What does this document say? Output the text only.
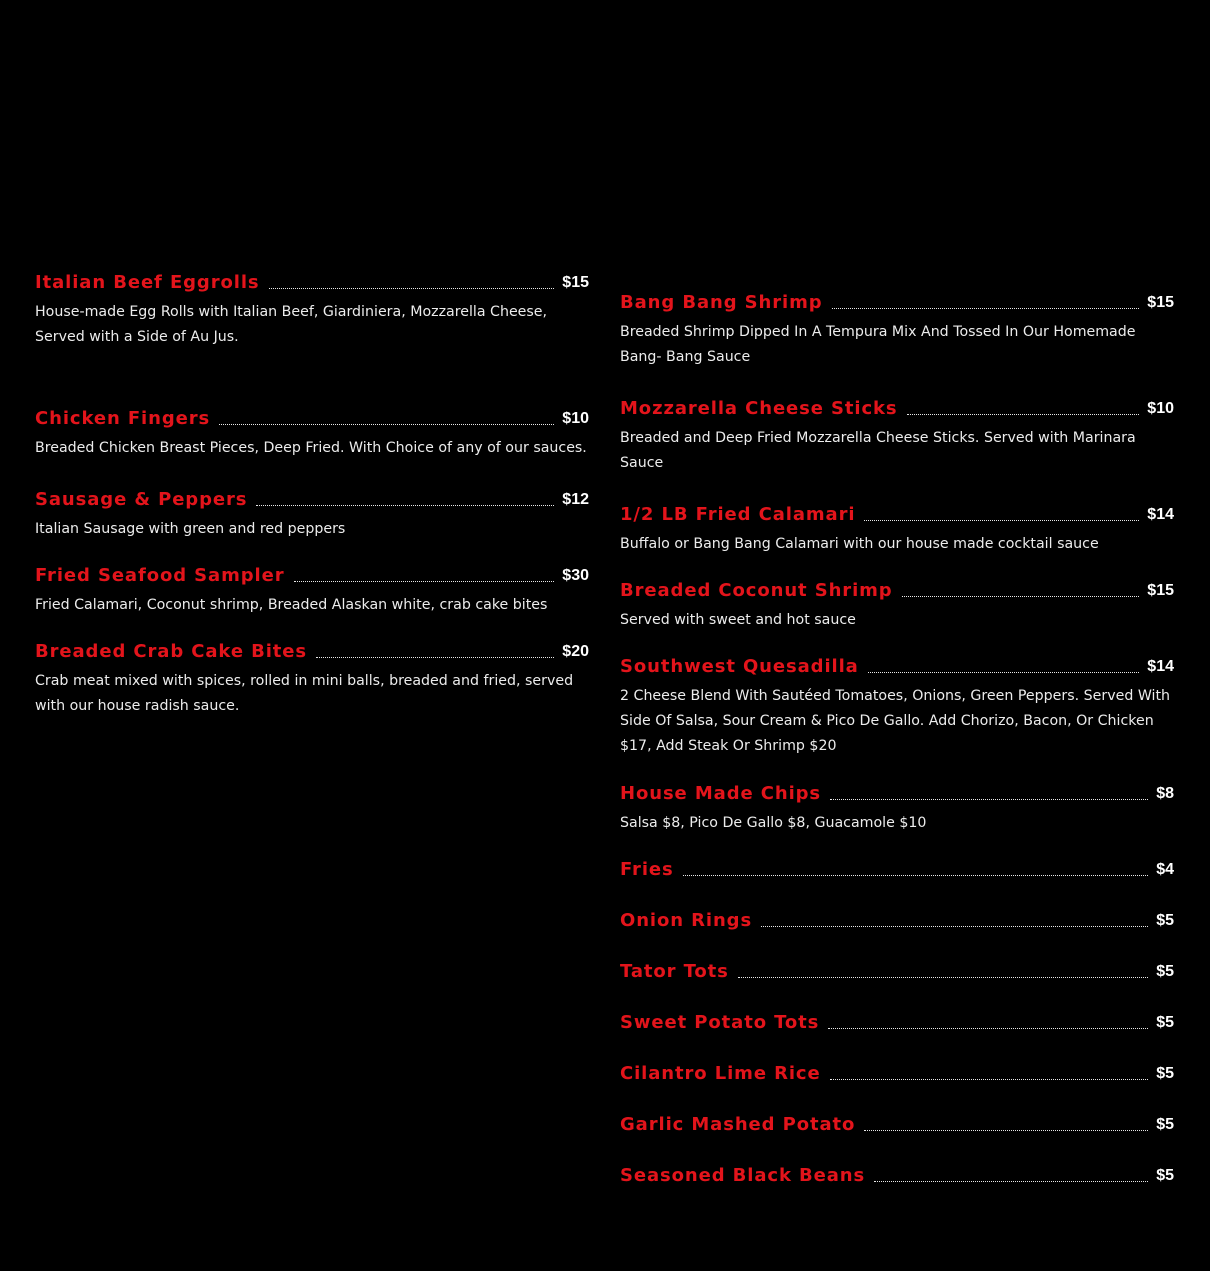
Italian Beef Eggrolls	$15
House-made Egg Rolls with Italian Beef, Giardiniera, Mozzarella Cheese, Served with a Side of Au Jus.
Chicken Fingers	$10
Breaded Chicken Breast Pieces, Deep Fried. With Choice of any of our sauces.
Sausage & Peppers	$12
Italian Sausage with green and red peppers
Fried Seafood Sampler	$30
Fried Calamari, Coconut shrimp, Breaded Alaskan white, crab cake bites
Breaded Crab Cake Bites	$20
Crab meat mixed with spices, rolled in mini balls, breaded and fried, served with our house radish sauce.
Bang Bang Shrimp	$15
Breaded Shrimp Dipped In A Tempura Mix And Tossed In Our Homemade Bang- Bang Sauce
Mozzarella Cheese Sticks	$10
Breaded and Deep Fried Mozzarella Cheese Sticks. Served with Marinara Sauce
1/2 LB Fried Calamari	$14
Buffalo or Bang Bang Calamari with our house made cocktail sauce
Breaded Coconut Shrimp	$15
Served with sweet and hot sauce
Southwest Quesadilla	$14
2 Cheese Blend With Sautéed Tomatoes, Onions, Green Peppers. Served With Side Of Salsa, Sour Cream & Pico De Gallo. Add Chorizo, Bacon, Or Chicken $17, Add Steak Or Shrimp $20
House Made Chips	$8
Salsa $8, Pico De Gallo $8, Guacamole $10
Fries	$4
Onion Rings	$5
Tator Tots	$5
Sweet Potato Tots	$5
Cilantro Lime Rice	$5
Garlic Mashed Potato	$5
Seasoned Black Beans	$5
